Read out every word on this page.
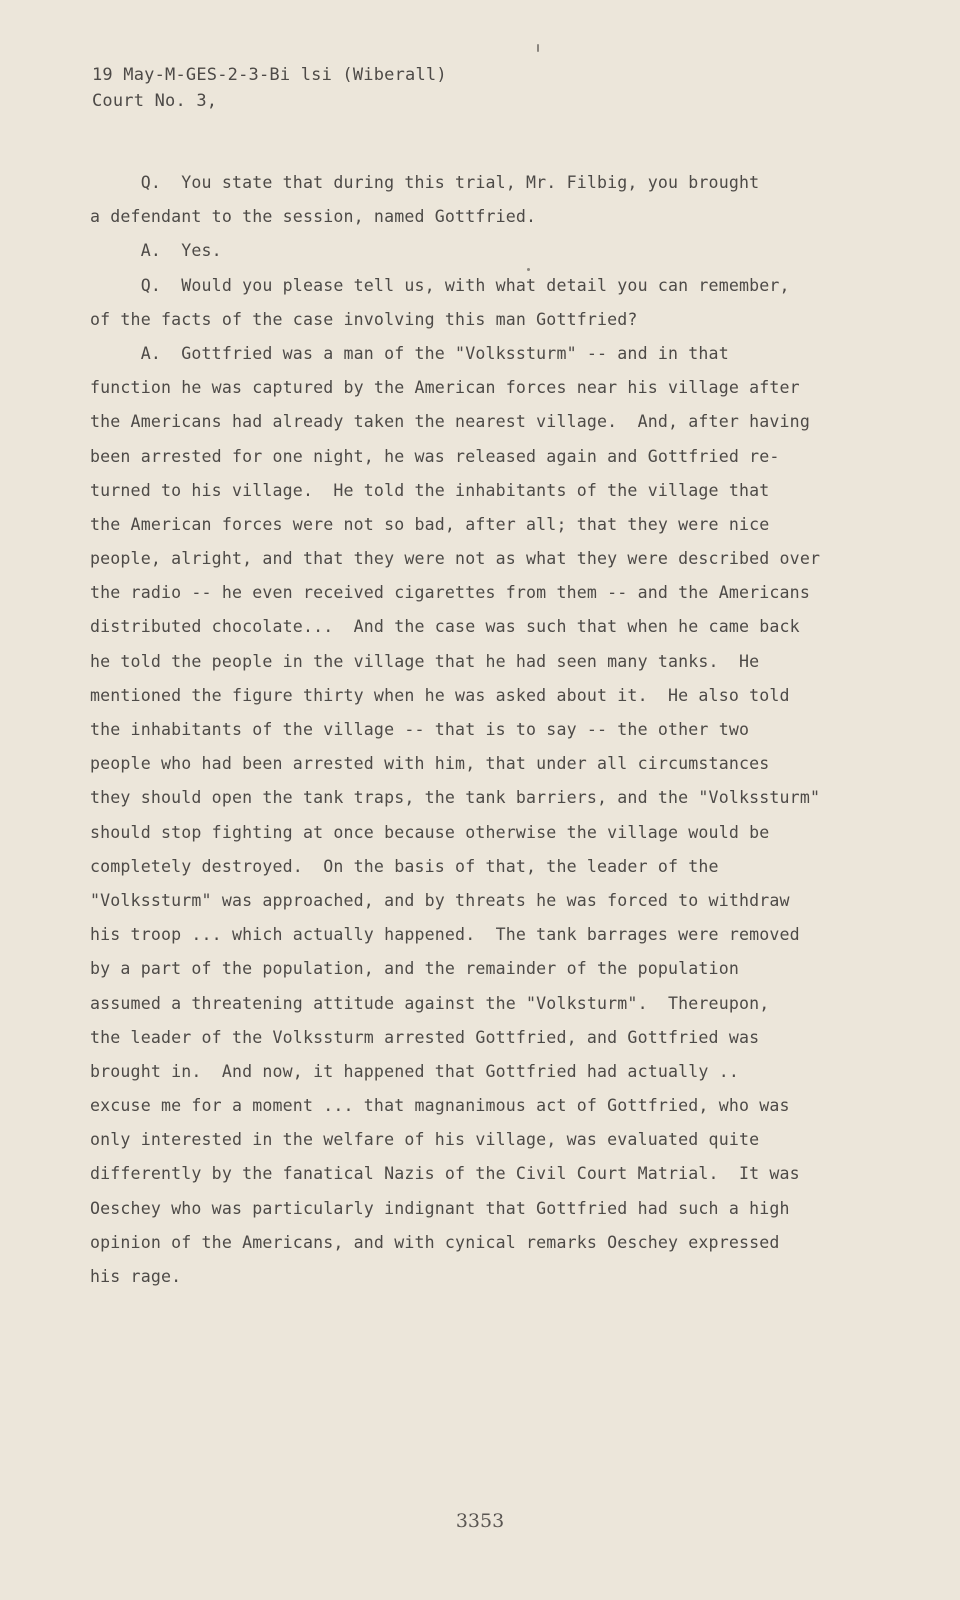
19 May-M-GES-2-3-Bi lsi (Wiberall)
Court No. 3,
Q.  You state that during this trial, Mr. Filbig, you brought
a defendant to the session, named Gottfried.
A.  Yes.
Q.  Would you please tell us, with what detail you can remember,
of the facts of the case involving this man Gottfried?
A.  Gottfried was a man of the "Volkssturm" -- and in that
function he was captured by the American forces near his village after
the Americans had already taken the nearest village.  And, after having
been arrested for one night, he was released again and Gottfried re-
turned to his village.  He told the inhabitants of the village that
the American forces were not so bad, after all; that they were nice
people, alright, and that they were not as what they were described over
the radio -- he even received cigarettes from them -- and the Americans
distributed chocolate...  And the case was such that when he came back
he told the people in the village that he had seen many tanks.  He
mentioned the figure thirty when he was asked about it.  He also told
the inhabitants of the village -- that is to say -- the other two
people who had been arrested with him, that under all circumstances
they should open the tank traps, the tank barriers, and the "Volkssturm"
should stop fighting at once because otherwise the village would be
completely destroyed.  On the basis of that, the leader of the
"Volkssturm" was approached, and by threats he was forced to withdraw
his troop ... which actually happened.  The tank barrages were removed
by a part of the population, and the remainder of the population
assumed a threatening attitude against the "Volksturm".  Thereupon,
the leader of the Volkssturm arrested Gottfried, and Gottfried was
brought in.  And now, it happened that Gottfried had actually ..
excuse me for a moment ... that magnanimous act of Gottfried, who was
only interested in the welfare of his village, was evaluated quite
differently by the fanatical Nazis of the Civil Court Matrial.  It was
Oeschey who was particularly indignant that Gottfried had such a high
opinion of the Americans, and with cynical remarks Oeschey expressed
his rage.
3353
